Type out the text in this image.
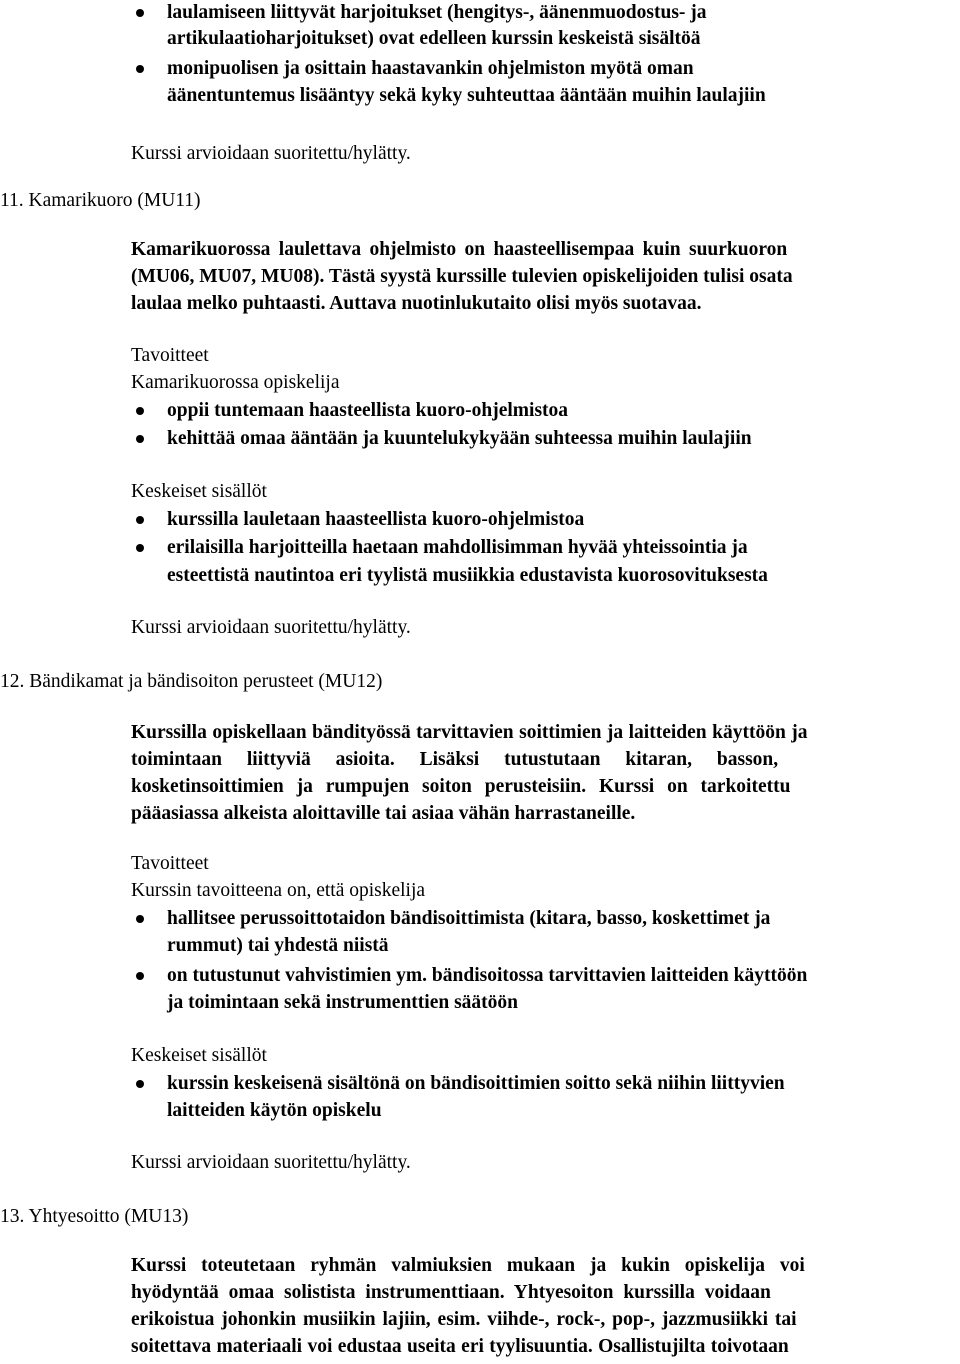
laulamiseen liittyvät harjoitukset (hengitys-, äänenmuodostus- ja
artikulaatioharjoitukset) ovat edelleen kurssin keskeistä sisältöä
monipuolisen ja osittain haastavankin ohjelmiston myötä oman
äänentuntemus lisääntyy sekä kyky suhteuttaa ääntään muihin laulajiin
Kurssi arvioidaan suoritettu/hylätty.
11. Kamarikuoro (MU11)
Kamarikuorossa laulettava ohjelmisto on haasteellisempaa kuin suurkuoron
(MU06, MU07, MU08). Tästä syystä kurssille tulevien opiskelijoiden tulisi osata
laulaa melko puhtaasti. Auttava nuotinlukutaito olisi myös suotavaa.
Tavoitteet
Kamarikuorossa opiskelija
oppii tuntemaan haasteellista kuoro-ohjelmistoa
kehittää omaa ääntään ja kuuntelukykyään suhteessa muihin laulajiin
Keskeiset sisällöt
kurssilla lauletaan haasteellista kuoro-ohjelmistoa
erilaisilla harjoitteilla haetaan mahdollisimman hyvää yhteissointia ja
esteettistä nautintoa eri tyylistä musiikkia edustavista kuorosovituksesta
Kurssi arvioidaan suoritettu/hylätty.
12. Bändikamat ja bändisoiton perusteet (MU12)
Kurssilla opiskellaan bändityössä tarvittavien soittimien ja laitteiden käyttöön ja
toimintaan liittyviä asioita. Lisäksi tutustutaan kitaran, basson,
kosketinsoittimien ja rumpujen soiton perusteisiin. Kurssi on tarkoitettu
pääasiassa alkeista aloittaville tai asiaa vähän harrastaneille.
Tavoitteet
Kurssin tavoitteena on, että opiskelija
hallitsee perussoittotaidon bändisoittimista (kitara, basso, koskettimet ja
rummut) tai yhdestä niistä
on tutustunut vahvistimien ym. bändisoitossa tarvittavien laitteiden käyttöön
ja toimintaan sekä instrumenttien säätöön
Keskeiset sisällöt
kurssin keskeisenä sisältönä on bändisoittimien soitto sekä niihin liittyvien
laitteiden käytön opiskelu
Kurssi arvioidaan suoritettu/hylätty.
13. Yhtyesoitto (MU13)
Kurssi toteutetaan ryhmän valmiuksien mukaan ja kukin opiskelija voi
hyödyntää omaa solistista instrumenttiaan. Yhtyesoiton kurssilla voidaan
erikoistua johonkin musiikin lajiin, esim. viihde-, rock-, pop-, jazzmusiikki tai
soitettava materiaali voi edustaa useita eri tyylisuuntia. Osallistujilta toivotaan
